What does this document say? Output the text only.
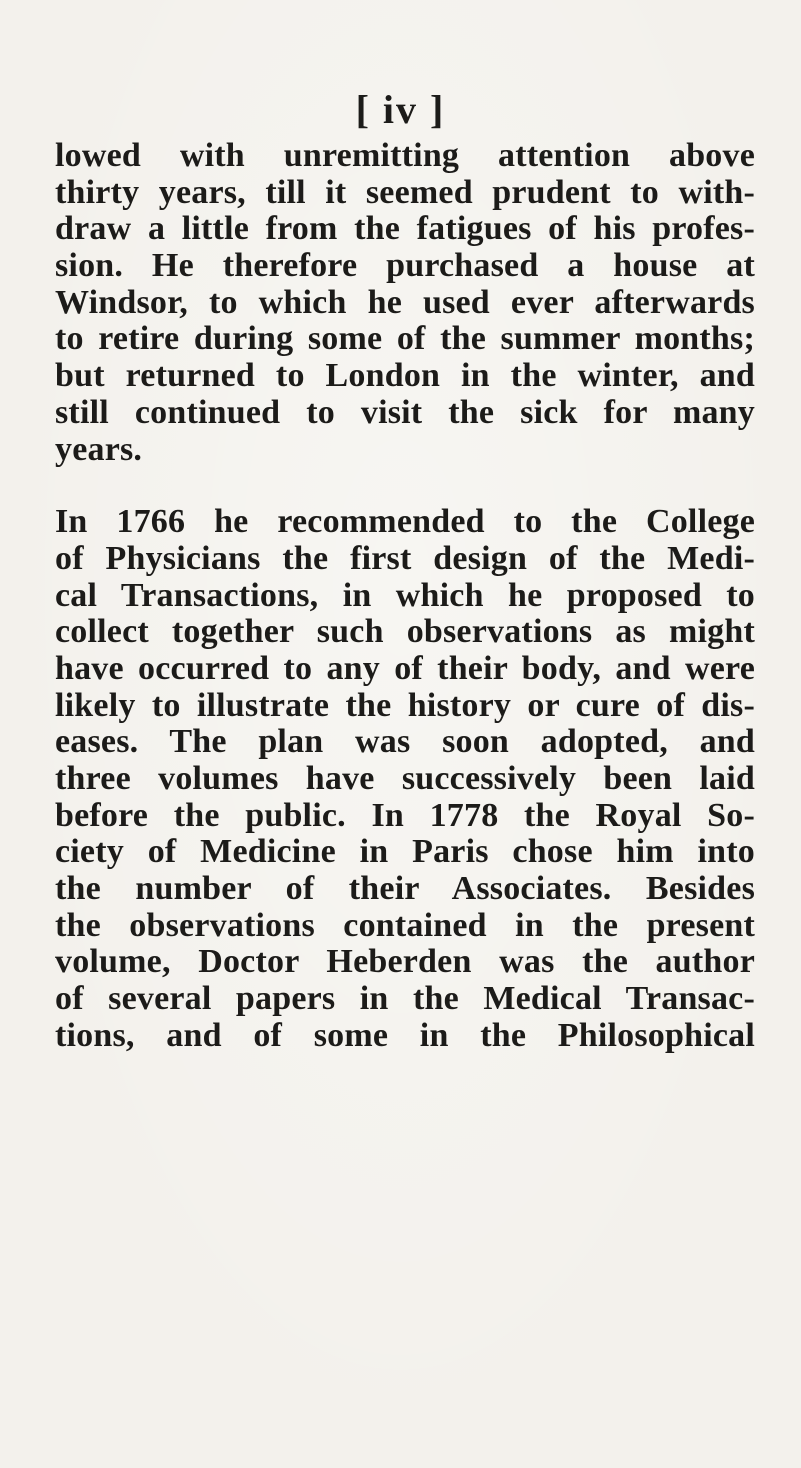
[ iv ]
lowed with unremitting attention above
thirty years, till it seemed prudent to with-
draw a little from the fatigues of his profes-
sion. He therefore purchased a house at
Windsor, to which he used ever afterwards
to retire during some of the summer months;
but returned to London in the winter, and
still continued to visit the sick for many
years.
In 1766 he recommended to the College
of Physicians the first design of the Medi-
cal Transactions, in which he proposed to
collect together such observations as might
have occurred to any of their body, and were
likely to illustrate the history or cure of dis-
eases. The plan was soon adopted, and
three volumes have successively been laid
before the public. In 1778 the Royal So-
ciety of Medicine in Paris chose him into
the number of their Associates. Besides
the observations contained in the present
volume, Doctor Heberden was the author
of several papers in the Medical Transac-
tions, and of some in the Philosophical
